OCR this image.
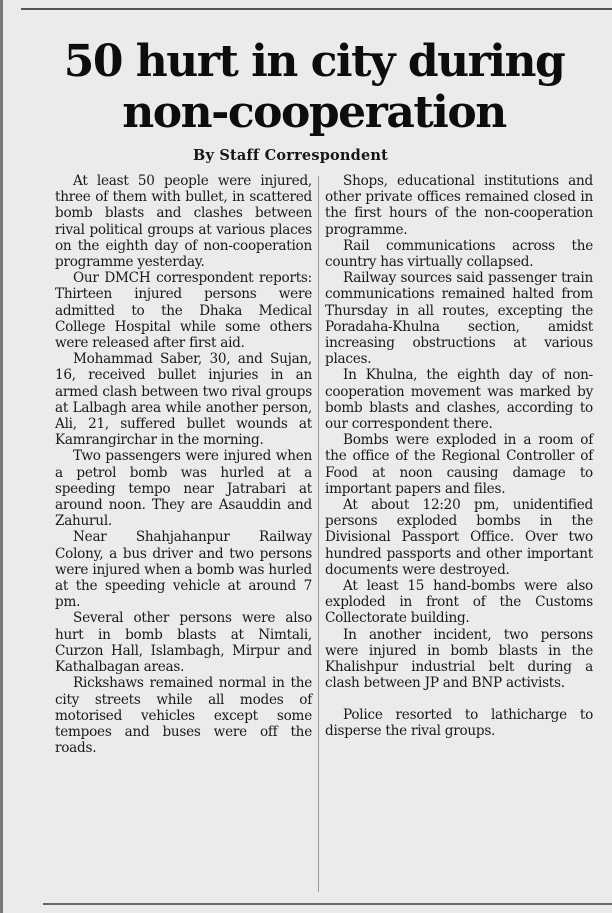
50 hurt in city during
non-cooperation
By Staff Correspondent

At least 50 people were injured, three of them with bullet, in scattered bomb blasts and clashes between rival political groups at various places on the eighth day of non-cooperation programme yesterday.

Our DMCH correspondent reports: Thirteen injured persons were admitted to the Dhaka Medical College Hospital while some others were released after first aid.

Mohammad Saber, 30, and Sujan, 16, received bullet injuries in an armed clash between two rival groups at Lalbagh area while another person, Ali, 21, suffered bullet wounds at Kamrangirchar in the morning.

Two passengers were injured when a petrol bomb was hurled at a speeding tempo near Jatrabari at around noon. They are Asauddin and Zahurul.

Near Shahjahanpur Railway Colony, a bus driver and two persons were injured when a bomb was hurled at the speeding vehicle at around 7 pm.

Several other persons were also hurt in bomb blasts at Nimtali, Curzon Hall, Islambagh, Mirpur and Kathalbagan areas.

Rickshaws remained normal in the city streets while all modes of motorised vehicles except some tempoes and buses were off the roads.

Shops, educational institutions and other private offices remained closed in the first hours of the non-cooperation programme.

Rail communications across the country has virtually collapsed.

Railway sources said passenger train communications remained halted from Thursday in all routes, excepting the Poradaha-Khulna section, amidst increasing obstructions at various places.

In Khulna, the eighth day of non-cooperation movement was marked by bomb blasts and clashes, according to our correspondent there.

Bombs were exploded in a room of the office of the Regional Controller of Food at noon causing damage to important papers and files.

At about 12:20 pm, unidentified persons exploded bombs in the Divisional Passport Office. Over two hundred passports and other important documents were destroyed.

At least 15 hand-bombs were also exploded in front of the Customs Collectorate building.

In another incident, two persons were injured in bomb blasts in the Khalishpur industrial belt during a clash between JP and BNP activists.

Police resorted to lathicharge to disperse the rival groups.
